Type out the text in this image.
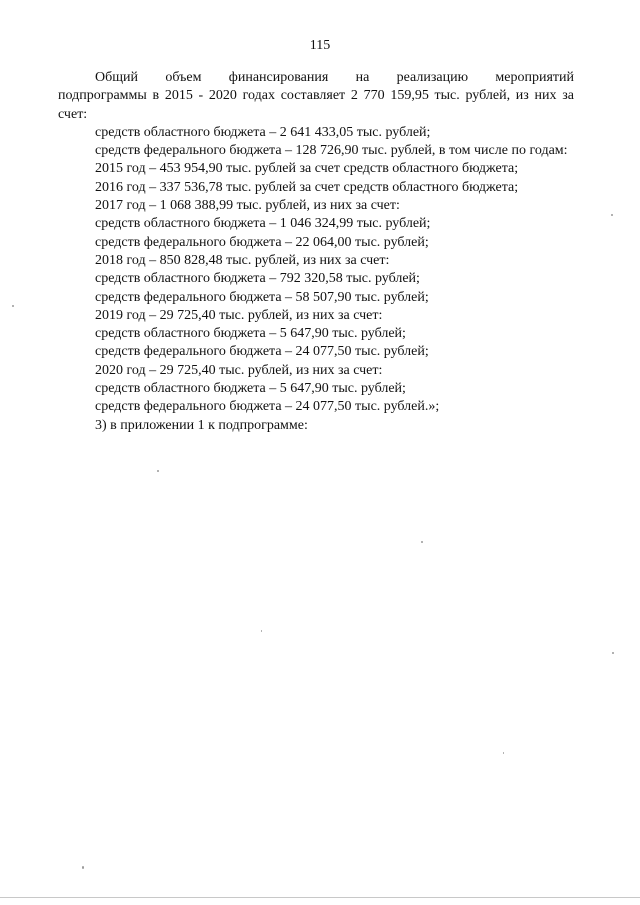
115

Общий объем финансирования на реализацию мероприятий

подпрограммы в 2015 - 2020 годах составляет 2 770 159,95 тыс. рублей, из них за счет:

средств областного бюджета – 2 641 433,05 тыс. рублей;

средств федерального бюджета – 128 726,90 тыс. рублей, в том числе по годам:

2015 год – 453 954,90 тыс. рублей за счет средств областного бюджета;

2016 год – 337 536,78 тыс. рублей за счет средств областного бюджета;

2017 год – 1 068 388,99 тыс. рублей, из них за счет:

средств областного бюджета – 1 046 324,99 тыс. рублей;

средств федерального бюджета – 22 064,00 тыс. рублей;

2018 год – 850 828,48 тыс. рублей, из них за счет:

средств областного бюджета – 792 320,58 тыс. рублей;

средств федерального бюджета – 58 507,90 тыс. рублей;

2019 год – 29 725,40 тыс. рублей, из них за счет:

средств областного бюджета – 5 647,90 тыс. рублей;

средств федерального бюджета – 24 077,50 тыс. рублей;

2020 год – 29 725,40 тыс. рублей, из них за счет:

средств областного бюджета – 5 647,90 тыс. рублей;

средств федерального бюджета – 24 077,50 тыс. рублей.»;

3) в приложении 1 к подпрограмме:
